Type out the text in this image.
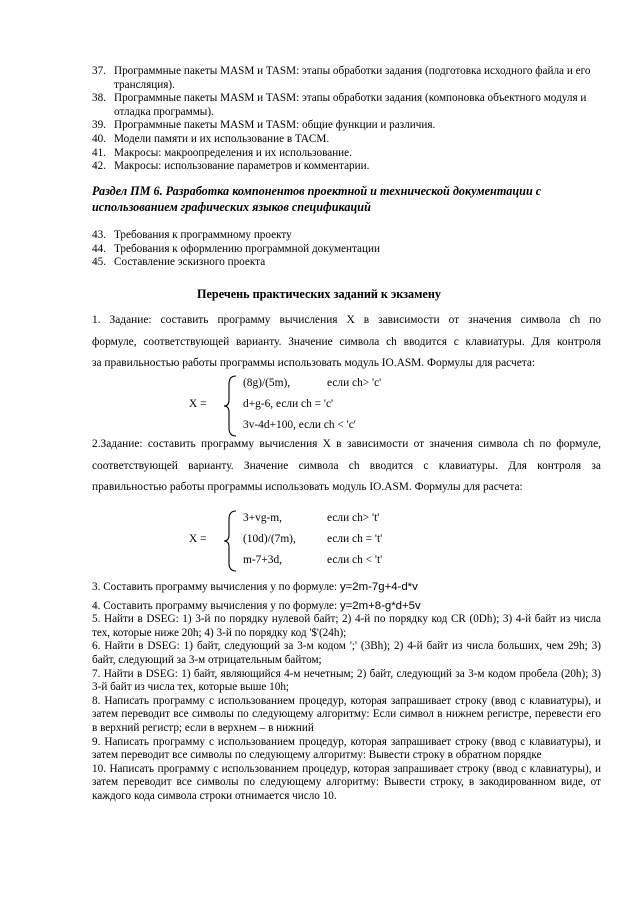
37. Программные пакеты MASM и TASM: этапы обработки задания (подготовка исходного файла и его трансляция).
38. Программные пакеты MASM и TASM: этапы обработки задания (компоновка объектного модуля и отладка программы).
39. Программные пакеты MASM и TASM: общие функции и различия.
40. Модели памяти и их использование в TACM.
41. Макросы: макроопределения и их использование.
42. Макросы: использование параметров и комментарии.
Раздел ПМ 6. Разработка компонентов проектной и технической документации с использованием графических языков спецификаций
43. Требования к программному проекту
44. Требования к оформлению программной документации
45. Составление эскизного проекта
Перечень практических заданий к экзамену
1. Задание: составить программу вычисления Х в зависимости от значения символа ch по
формуле, соответствующей варианту. Значение символа ch вводится с клавиатуры. Для контроля
за правильностью работы программы использовать модуль IO.ASM. Формулы для расчета:
X =
(8g)/(5m),	если ch> 'c'
d+g-6, если ch = 'c'
3v-4d+100, если ch < 'c'
2.Задание: составить программу вычисления Х в зависимости от значения символа ch по формуле,
соответствующей варианту. Значение символа ch вводится с клавиатуры. Для контроля за
правильностью работы программы использовать модуль IO.ASM. Формулы для расчета:
X =
3+vg-m,	если ch> 't'
(10d)/(7m),	если ch = 't'
m-7+3d,	если ch < 't'

3. Составить программу вычисления y по формуле: y=2m-7g+4-d*v

4. Составить программу вычисления y по формуле: y=2m+8-g*d+5v

5. Найти в DSEG: 1) 3-й по порядку нулевой байт; 2) 4-й по порядку код CR (0Dh); 3) 4-й байт из числа тех, которые ниже 20h; 4) 3-й по порядку код '$'(24h);

6. Найти в DSEG: 1) байт, следующий за 3-м кодом ';' (3Bh); 2) 4-й байт из числа больших, чем 29h; 3) байт, следующий за 3-м отрицательным байтом;

7. Найти в DSEG: 1) байт, являющийся 4-м нечетным; 2) байт, следующий за 3-м кодом пробела (20h); 3) 3-й байт из числа тех, которые выше 10h;

8. Написать программу с использованием процедур, которая запрашивает строку (ввод с клавиатуры), и затем переводит все символы по следующему алгоритму: Если символ в нижнем регистре, перевести его в верхний регистр; если в верхнем – в нижний

9. Написать программу с использованием процедур, которая запрашивает строку (ввод с клавиатуры), и затем переводит все символы по следующему алгоритму: Вывести строку в обратном порядке

10. Написать программу с использованием процедур, которая запрашивает строку (ввод с клавиатуры), и затем переводит все символы по следующему алгоритму: Вывести строку, в закодированном виде, от каждого кода символа строки отнимается число 10.
